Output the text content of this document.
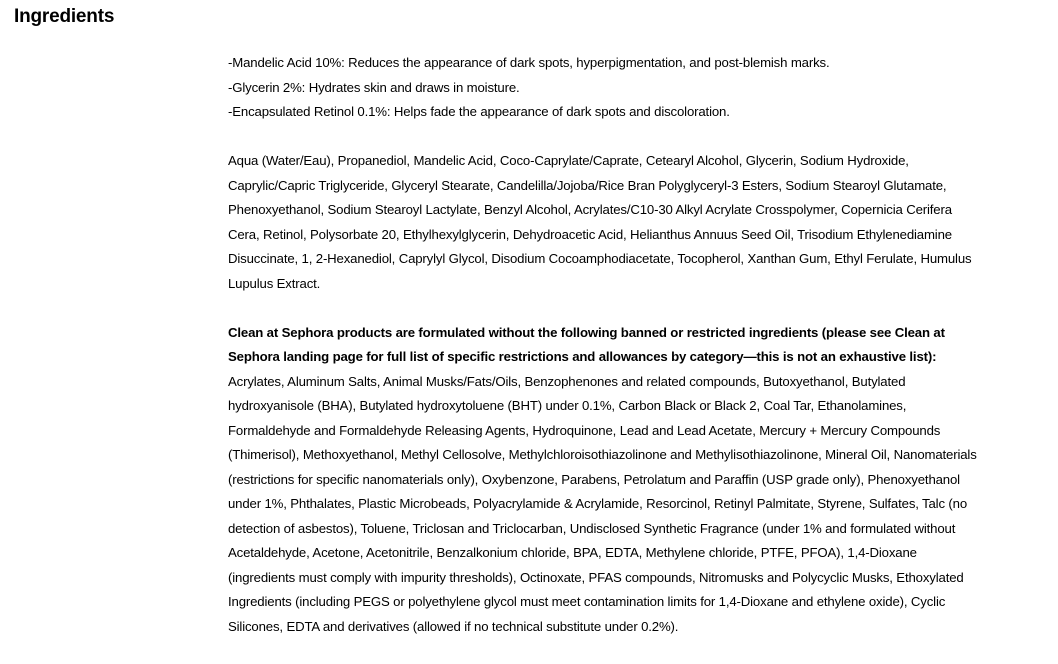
Ingredients
-Mandelic Acid 10%: Reduces the appearance of dark spots, hyperpigmentation, and post-blemish marks.
-Glycerin 2%: Hydrates skin and draws in moisture.
-Encapsulated Retinol 0.1%: Helps fade the appearance of dark spots and discoloration.
Aqua (Water/Eau), Propanediol, Mandelic Acid, Coco-Caprylate/Caprate, Cetearyl Alcohol, Glycerin, Sodium Hydroxide,
Caprylic/Capric Triglyceride, Glyceryl Stearate, Candelilla/Jojoba/Rice Bran Polyglyceryl-3 Esters, Sodium Stearoyl Glutamate,
Phenoxyethanol, Sodium Stearoyl Lactylate, Benzyl Alcohol, Acrylates/C10-30 Alkyl Acrylate Crosspolymer, Copernicia Cerifera
Cera, Retinol, Polysorbate 20, Ethylhexylglycerin, Dehydroacetic Acid, Helianthus Annuus Seed Oil, Trisodium Ethylenediamine
Disuccinate, 1, 2-Hexanediol, Caprylyl Glycol, Disodium Cocoamphodiacetate, Tocopherol, Xanthan Gum, Ethyl Ferulate, Humulus
Lupulus Extract.
Clean at Sephora products are formulated without the following banned or restricted ingredients (please see Clean at
Sephora landing page for full list of specific restrictions and allowances by category—this is not an exhaustive list):
Acrylates, Aluminum Salts, Animal Musks/Fats/Oils, Benzophenones and related compounds, Butoxyethanol, Butylated
hydroxyanisole (BHA), Butylated hydroxytoluene (BHT) under 0.1%, Carbon Black or Black 2, Coal Tar, Ethanolamines,
Formaldehyde and Formaldehyde Releasing Agents, Hydroquinone, Lead and Lead Acetate, Mercury + Mercury Compounds
(Thimerisol), Methoxyethanol, Methyl Cellosolve, Methylchloroisothiazolinone and Methylisothiazolinone, Mineral Oil, Nanomaterials
(restrictions for specific nanomaterials only), Oxybenzone, Parabens, Petrolatum and Paraffin (USP grade only), Phenoxyethanol
under 1%, Phthalates, Plastic Microbeads, Polyacrylamide & Acrylamide, Resorcinol, Retinyl Palmitate, Styrene, Sulfates, Talc (no
detection of asbestos), Toluene, Triclosan and Triclocarban, Undisclosed Synthetic Fragrance (under 1% and formulated without
Acetaldehyde, Acetone, Acetonitrile, Benzalkonium chloride, BPA, EDTA, Methylene chloride, PTFE, PFOA), 1,4-Dioxane
(ingredients must comply with impurity thresholds), Octinoxate, PFAS compounds, Nitromusks and Polycyclic Musks, Ethoxylated
Ingredients (including PEGS or polyethylene glycol must meet contamination limits for 1,4-Dioxane and ethylene oxide), Cyclic
Silicones, EDTA and derivatives (allowed if no technical substitute under 0.2%).
